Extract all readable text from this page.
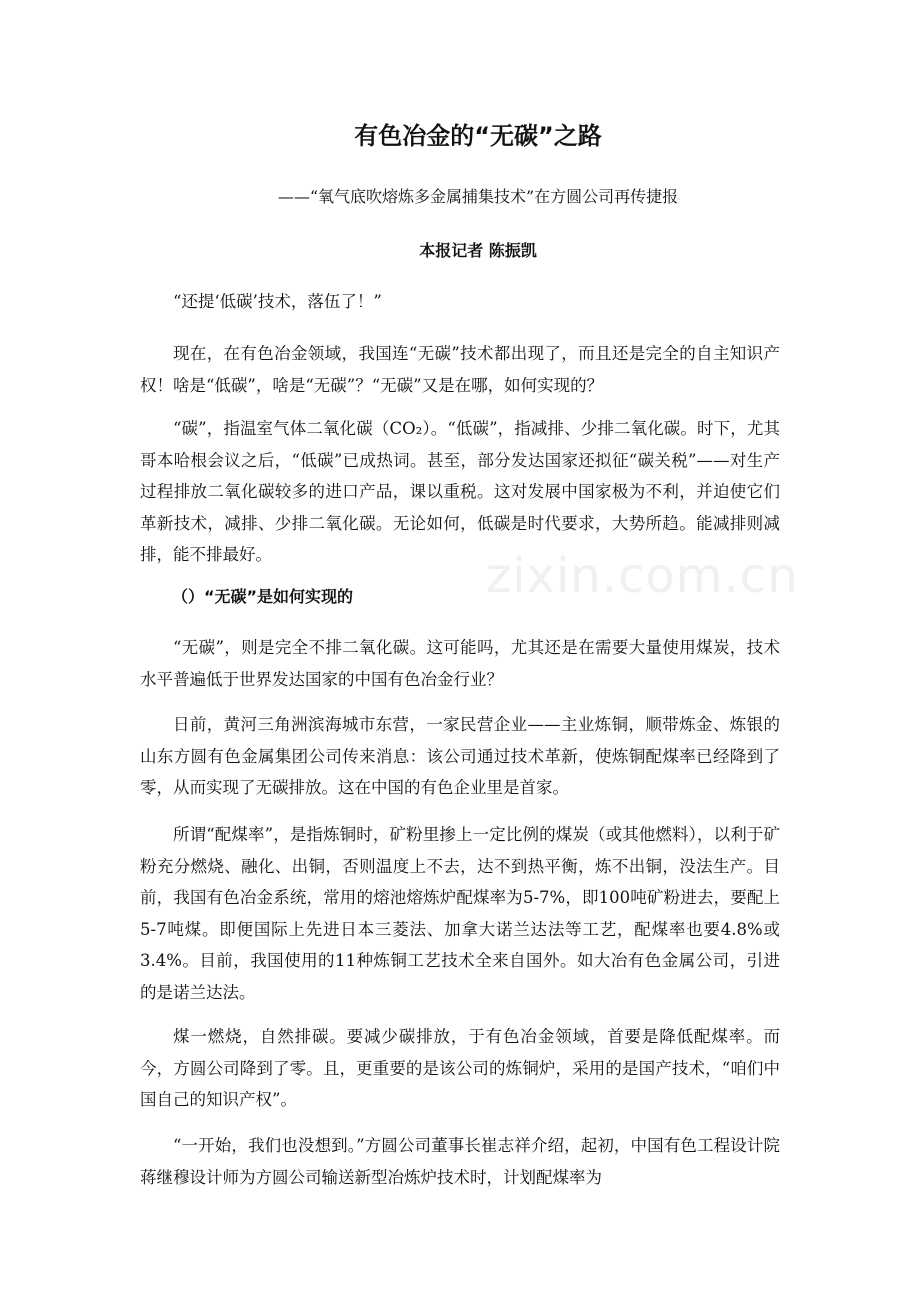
有色冶金的“无碳”之路

——“氧气底吹熔炼多金属捕集技术”在方圆公司再传捷报

本报记者 陈振凯

“还提‘低碳’技术，落伍了！”

现在，在有色冶金领域，我国连“无碳”技术都出现了，而且还是完全的自主知识产权！啥是“低碳”，啥是“无碳”？“无碳”又是在哪，如何实现的？

“碳”，指温室气体二氧化碳（CO₂）。“低碳”，指减排、少排二氧化碳。时下，尤其哥本哈根会议之后，“低碳”已成热词。甚至，部分发达国家还拟征“碳关税”——对生产过程排放二氧化碳较多的进口产品，课以重税。这对发展中国家极为不利，并迫使它们革新技术，减排、少排二氧化碳。无论如何，低碳是时代要求，大势所趋。能减排则减排，能不排最好。

（）“无碳”是如何实现的

“无碳”，则是完全不排二氧化碳。这可能吗，尤其还是在需要大量使用煤炭，技术水平普遍低于世界发达国家的中国有色冶金行业？

日前，黄河三角洲滨海城市东营，一家民营企业——主业炼铜，顺带炼金、炼银的山东方圆有色金属集团公司传来消息：该公司通过技术革新，使炼铜配煤率已经降到了零，从而实现了无碳排放。这在中国的有色企业里是首家。

所谓“配煤率”，是指炼铜时，矿粉里掺上一定比例的煤炭（或其他燃料），以利于矿粉充分燃烧、融化、出铜，否则温度上不去，达不到热平衡，炼不出铜，没法生产。目前，我国有色冶金系统，常用的熔池熔炼炉配煤率为5-7%，即100吨矿粉进去，要配上5-7吨煤。即便国际上先进日本三菱法、加拿大诺兰达法等工艺，配煤率也要4.8%或3.4%。目前，我国使用的11种炼铜工艺技术全来自国外。如大冶有色金属公司，引进的是诺兰达法。

煤一燃烧，自然排碳。要减少碳排放，于有色冶金领域，首要是降低配煤率。而今，方圆公司降到了零。且，更重要的是该公司的炼铜炉，采用的是国产技术，“咱们中国自己的知识产权”。

“一开始，我们也没想到。”方圆公司董事长崔志祥介绍，起初，中国有色工程设计院蒋继穆设计师为方圆公司输送新型冶炼炉技术时，计划配煤率为

zixin.com.cn
